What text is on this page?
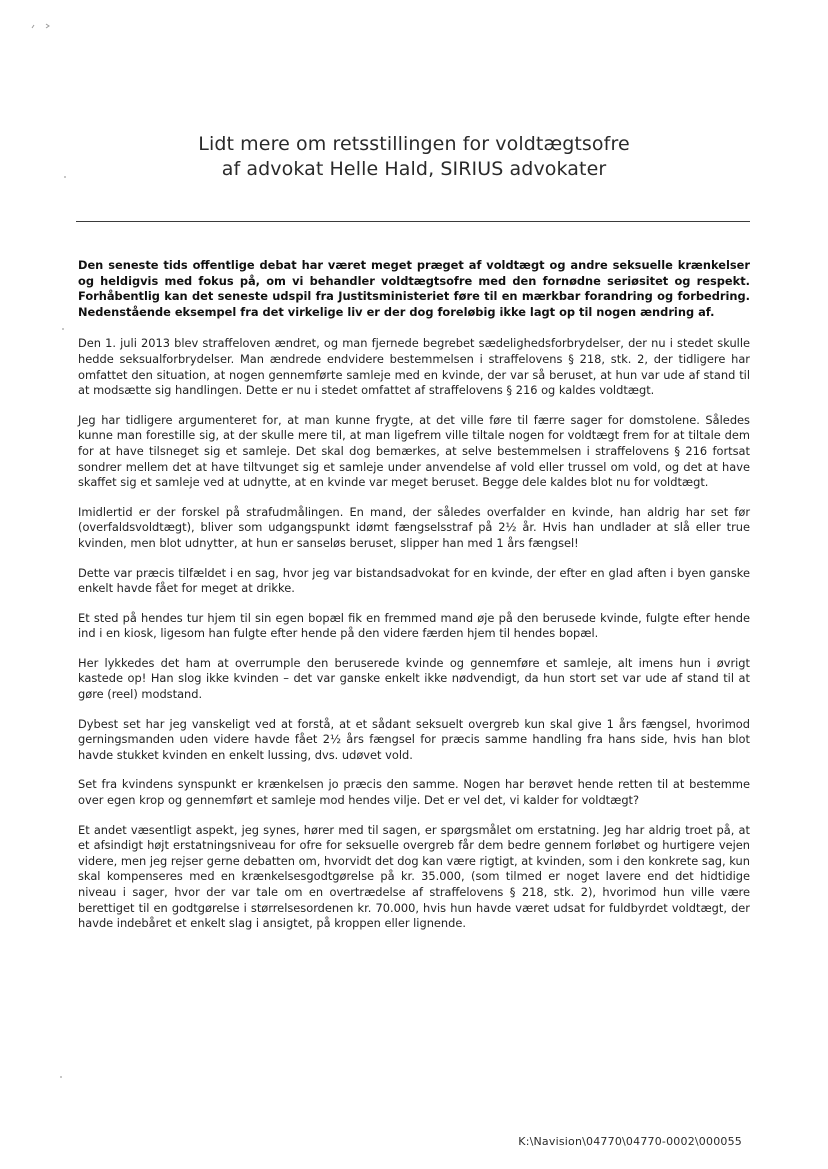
Lidt mere om retsstillingen for voldtægtsofre
af advokat Helle Hald, SIRIUS advokater

Den seneste tids offentlige debat har været meget præget af voldtægt og andre seksuelle krænkelser og heldigvis med fokus på, om vi behandler voldtægtsofre med den fornødne seriøsitet og respekt. Forhåbentlig kan det seneste udspil fra Justitsministeriet føre til en mærkbar forandring og forbedring. Nedenstående eksempel fra det virkelige liv er der dog foreløbig ikke lagt op til nogen ændring af.

Den 1. juli 2013 blev straffeloven ændret, og man fjernede begrebet sædelighedsforbrydelser, der nu i stedet skulle hedde seksualforbrydelser. Man ændrede endvidere bestemmelsen i straffelovens § 218, stk. 2, der tidligere har omfattet den situation, at nogen gennemførte samleje med en kvinde, der var så beruset, at hun var ude af stand til at modsætte sig handlingen. Dette er nu i stedet omfattet af straffelovens § 216 og kaldes voldtægt.

Jeg har tidligere argumenteret for, at man kunne frygte, at det ville føre til færre sager for domstolene. Således kunne man forestille sig, at der skulle mere til, at man ligefrem ville tiltale nogen for voldtægt frem for at tiltale dem for at have tilsneget sig et samleje. Det skal dog bemærkes, at selve bestemmelsen i straffelovens § 216 fortsat sondrer mellem det at have tiltvunget sig et samleje under anvendelse af vold eller trussel om vold, og det at have skaffet sig et samleje ved at udnytte, at en kvinde var meget beruset. Begge dele kaldes blot nu for voldtægt.

Imidlertid er der forskel på strafudmålingen. En mand, der således overfalder en kvinde, han aldrig har set før (overfaldsvoldtægt), bliver som udgangspunkt idømt fængselsstraf på 2½ år. Hvis han undlader at slå eller true kvinden, men blot udnytter, at hun er sanseløs beruset, slipper han med 1 års fængsel!

Dette var præcis tilfældet i en sag, hvor jeg var bistandsadvokat for en kvinde, der efter en glad aften i byen ganske enkelt havde fået for meget at drikke.

Et sted på hendes tur hjem til sin egen bopæl fik en fremmed mand øje på den berusede kvinde, fulgte efter hende ind i en kiosk, ligesom han fulgte efter hende på den videre færden hjem til hendes bopæl.

Her lykkedes det ham at overrumple den beruserede kvinde og gennemføre et samleje, alt imens hun i øvrigt kastede op! Han slog ikke kvinden – det var ganske enkelt ikke nødvendigt, da hun stort set var ude af stand til at gøre (reel) modstand.

Dybest set har jeg vanskeligt ved at forstå, at et sådant seksuelt overgreb kun skal give 1 års fængsel, hvorimod gerningsmanden uden videre havde fået 2½ års fængsel for præcis samme handling fra hans side, hvis han blot havde stukket kvinden en enkelt lussing, dvs. udøvet vold.

Set fra kvindens synspunkt er krænkelsen jo præcis den samme. Nogen har berøvet hende retten til at bestemme over egen krop og gennemført et samleje mod hendes vilje. Det er vel det, vi kalder for voldtægt?

Et andet væsentligt aspekt, jeg synes, hører med til sagen, er spørgsmålet om erstatning. Jeg har aldrig troet på, at et afsindigt højt erstatningsniveau for ofre for seksuelle overgreb får dem bedre gennem forløbet og hurtigere vejen videre, men jeg rejser gerne debatten om, hvorvidt det dog kan være rigtigt, at kvinden, som i den konkrete sag, kun skal kompenseres med en krænkelsesgodtgørelse på kr. 35.000, (som tilmed er noget lavere end det hidtidige niveau i sager, hvor der var tale om en overtrædelse af straffelovens § 218, stk. 2), hvorimod hun ville være berettiget til en godtgørelse i størrelsesordenen kr. 70.000, hvis hun havde været udsat for fuldbyrdet voldtægt, der havde indebåret et enkelt slag i ansigtet, på kroppen eller lignende.

K:\Navision\04770\04770-0002\000055
